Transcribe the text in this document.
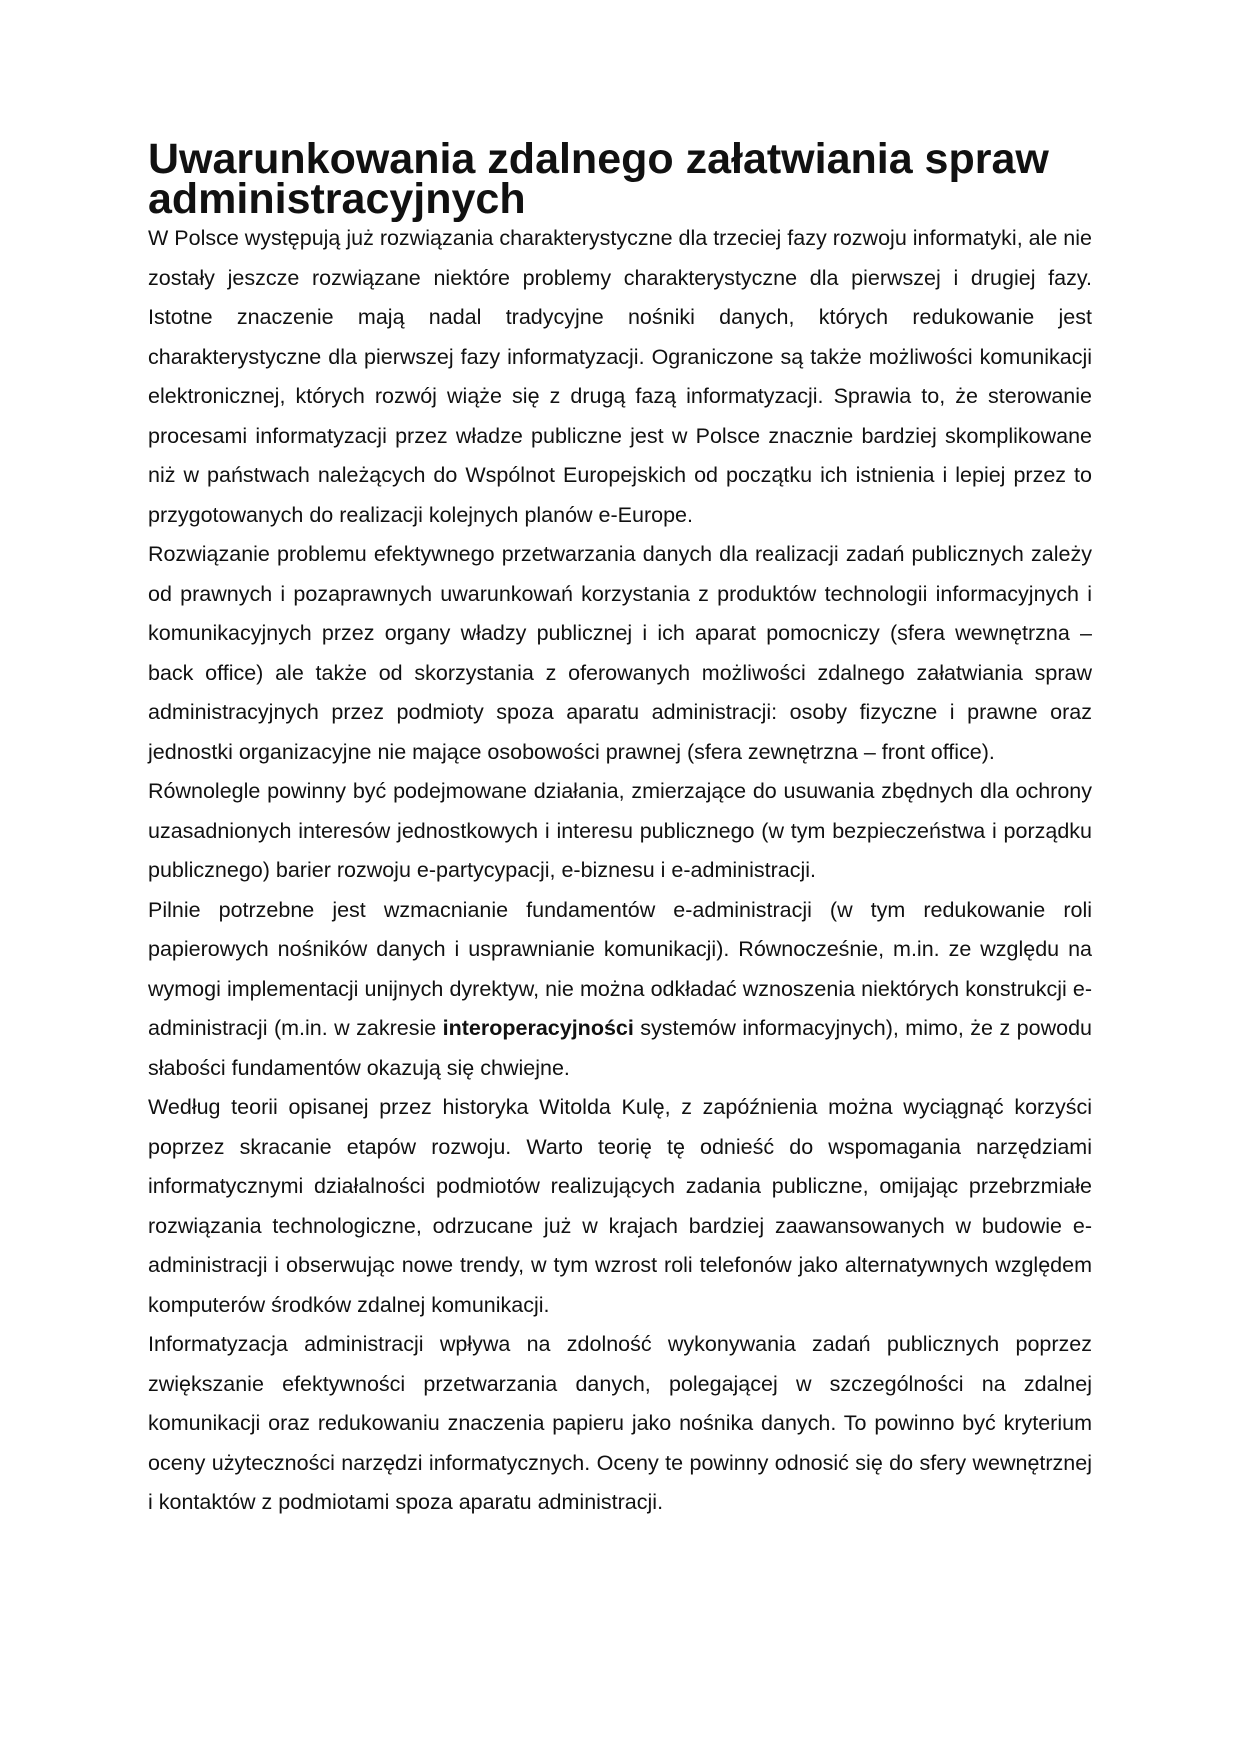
Uwarunkowania zdalnego załatwiania spraw administracyjnych

W Polsce występują już rozwiązania charakterystyczne dla trzeciej fazy rozwoju informatyki, ale nie zostały jeszcze rozwiązane niektóre problemy charakterystyczne dla pierwszej i drugiej fazy. Istotne znaczenie mają nadal tradycyjne nośniki danych, których redukowanie jest charakterystyczne dla pierwszej fazy informatyzacji. Ograniczone są także możliwości komunikacji elektronicznej, których rozwój wiąże się z drugą fazą informatyzacji. Sprawia to, że sterowanie procesami informatyzacji przez władze publiczne jest w Polsce znacznie bardziej skomplikowane niż w państwach należących do Wspólnot Europejskich od początku ich istnienia i lepiej przez to przygotowanych do realizacji kolejnych planów e-Europe.

Rozwiązanie problemu efektywnego przetwarzania danych dla realizacji zadań publicznych zależy od prawnych i pozaprawnych uwarunkowań korzystania z produktów technologii informacyjnych i komunikacyjnych przez organy władzy publicznej i ich aparat pomocniczy (sfera wewnętrzna – back office) ale także od skorzystania z oferowanych możliwości zdalnego załatwiania spraw administracyjnych przez podmioty spoza aparatu administracji: osoby fizyczne i prawne oraz jednostki organizacyjne nie mające osobowości prawnej (sfera zewnętrzna – front office).

Równolegle powinny być podejmowane działania, zmierzające do usuwania zbędnych dla ochrony uzasadnionych interesów jednostkowych i interesu publicznego (w tym bezpieczeństwa i porządku publicznego) barier rozwoju e-partycypacji, e-biznesu i e-administracji.

Pilnie potrzebne jest wzmacnianie fundamentów e-administracji (w tym redukowanie roli papierowych nośników danych i usprawnianie komunikacji). Równocześnie, m.in. ze względu na wymogi implementacji unijnych dyrektyw, nie można odkładać wznoszenia niektórych konstrukcji e-administracji (m.in. w zakresie interoperacyjności systemów informacyjnych), mimo, że z powodu słabości fundamentów okazują się chwiejne.

Według teorii opisanej przez historyka Witolda Kulę, z zapóźnienia można wyciągnąć korzyści poprzez skracanie etapów rozwoju. Warto teorię tę odnieść do wspomagania narzędziami informatycznymi działalności podmiotów realizujących zadania publiczne, omijając przebrzmiałe rozwiązania technologiczne, odrzucane już w krajach bardziej zaawansowanych w budowie e-administracji i obserwując nowe trendy, w tym wzrost roli telefonów jako alternatywnych względem komputerów środków zdalnej komunikacji.

Informatyzacja administracji wpływa na zdolność wykonywania zadań publicznych poprzez zwiększanie efektywności przetwarzania danych, polegającej w szczególności na zdalnej komunikacji oraz redukowaniu znaczenia papieru jako nośnika danych. To powinno być kryterium oceny użyteczności narzędzi informatycznych. Oceny te powinny odnosić się do sfery wewnętrznej i kontaktów z podmiotami spoza aparatu administracji.
